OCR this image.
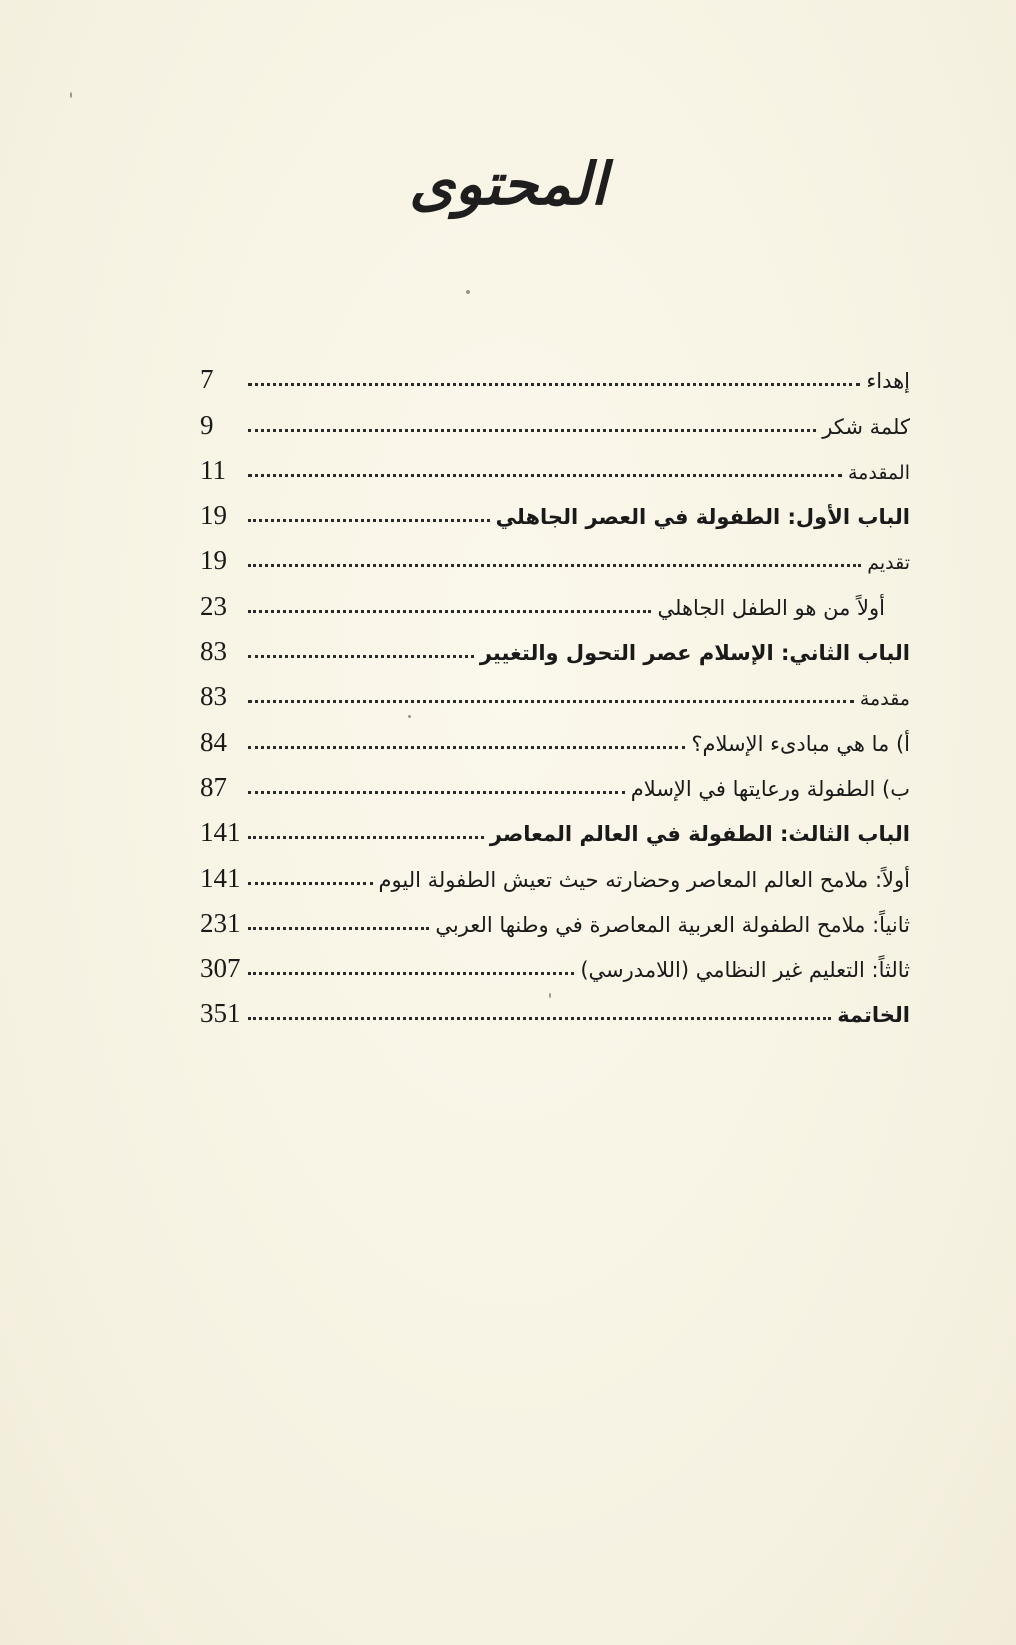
المحتوى
إهداء
7
كلمة شكر
9
المقدمة
11
الباب الأول: الطفولة في العصر الجاهلي
19
تقديم
19
أولاً من هو الطفل الجاهلي
23
الباب الثاني: الإسلام عصر التحول والتغيير
83
مقدمة
83
أ) ما هي مبادىء الإسلام؟
84
ب) الطفولة ورعايتها في الإسلام
87
الباب الثالث: الطفولة في العالم المعاصر
141
أولاً: ملامح العالم المعاصر وحضارته حيث تعيش الطفولة اليوم
141
ثانياً: ملامح الطفولة العربية المعاصرة في وطنها العربي
231
ثالثاً: التعليم غير النظامي (اللامدرسي)
307
الخاتمة
351
